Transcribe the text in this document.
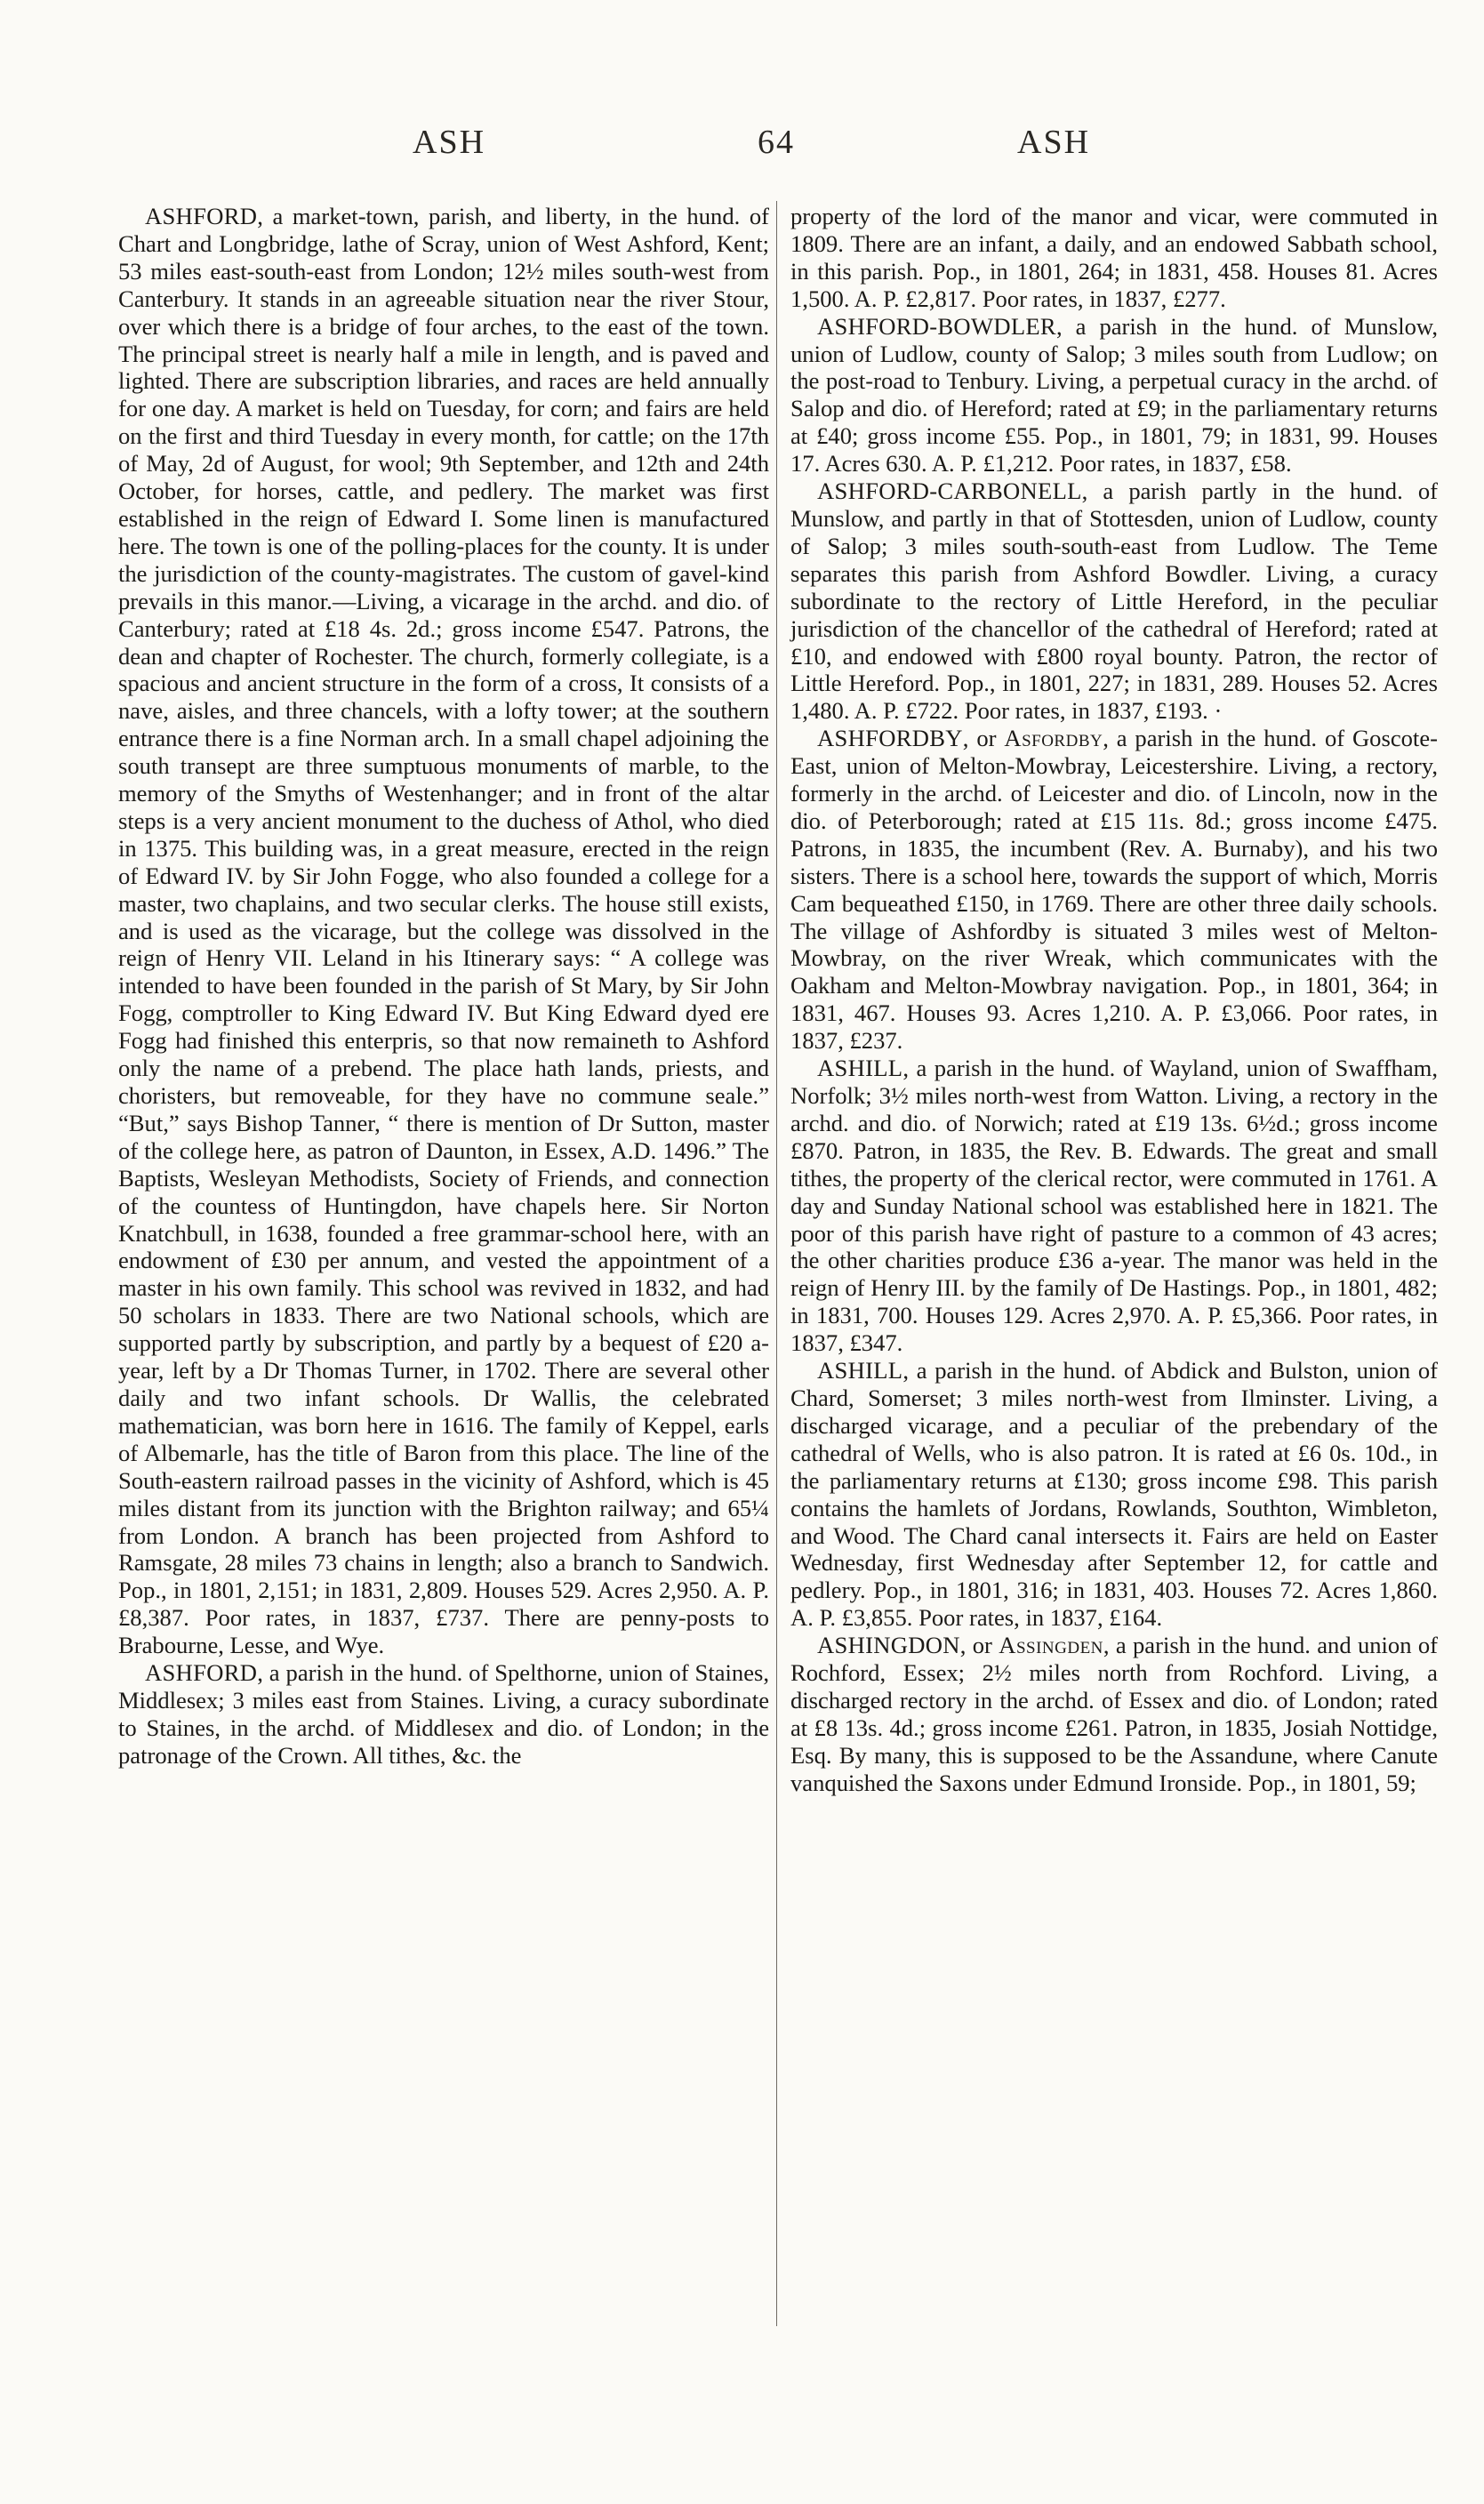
ASH	64	ASH

ASHFORD, a market-town, parish, and liberty, in the hund. of Chart and Longbridge, lathe of Scray, union of West Ashford, Kent; 53 miles east-south-east from London; 12½ miles south-west from Canterbury. It stands in an agreeable situation near the river Stour, over which there is a bridge of four arches, to the east of the town. The principal street is nearly half a mile in length, and is paved and lighted. There are subscription libraries, and races are held annually for one day. A market is held on Tuesday, for corn; and fairs are held on the first and third Tuesday in every month, for cattle; on the 17th of May, 2d of August, for wool; 9th September, and 12th and 24th October, for horses, cattle, and pedlery. The market was first established in the reign of Edward I. Some linen is manufactured here. The town is one of the polling-places for the county. It is under the jurisdiction of the county-magistrates. The custom of gavel-kind prevails in this manor.—Living, a vicarage in the archd. and dio. of Canterbury; rated at £18 4s. 2d.; gross income £547. Patrons, the dean and chapter of Rochester. The church, formerly collegiate, is a spacious and ancient structure in the form of a cross, It consists of a nave, aisles, and three chancels, with a lofty tower; at the southern entrance there is a fine Norman arch. In a small chapel adjoining the south transept are three sumptuous monuments of marble, to the memory of the Smyths of Westenhanger; and in front of the altar steps is a very ancient monument to the duchess of Athol, who died in 1375. This building was, in a great measure, erected in the reign of Edward IV. by Sir John Fogge, who also founded a college for a master, two chaplains, and two secular clerks. The house still exists, and is used as the vicarage, but the college was dissolved in the reign of Henry VII. Leland in his Itinerary says: “ A college was intended to have been founded in the parish of St Mary, by Sir John Fogg, comptroller to King Edward IV. But King Edward dyed ere Fogg had finished this enterpris, so that now remaineth to Ashford only the name of a prebend. The place hath lands, priests, and choristers, but removeable, for they have no commune seale.” “But,” says Bishop Tanner, “ there is mention of Dr Sutton, master of the college here, as patron of Daunton, in Essex, A.D. 1496.” The Baptists, Wesleyan Methodists, Society of Friends, and connection of the countess of Huntingdon, have chapels here. Sir Norton Knatchbull, in 1638, founded a free grammar-school here, with an endowment of £30 per annum, and vested the appointment of a master in his own family. This school was revived in 1832, and had 50 scholars in 1833. There are two National schools, which are supported partly by subscription, and partly by a bequest of £20 a-year, left by a Dr Thomas Turner, in 1702. There are several other daily and two infant schools. Dr Wallis, the celebrated mathematician, was born here in 1616. The family of Keppel, earls of Albemarle, has the title of Baron from this place. The line of the South-eastern railroad passes in the vicinity of Ashford, which is 45 miles distant from its junction with the Brighton railway; and 65¼ from London. A branch has been projected from Ashford to Ramsgate, 28 miles 73 chains in length; also a branch to Sandwich. Pop., in 1801, 2,151; in 1831, 2,809. Houses 529. Acres 2,950. A. P. £8,387. Poor rates, in 1837, £737. There are penny-posts to Brabourne, Lesse, and Wye.

ASHFORD, a parish in the hund. of Spelthorne, union of Staines, Middlesex; 3 miles east from Staines. Living, a curacy subordinate to Staines, in the archd. of Middlesex and dio. of London; in the patronage of the Crown. All tithes, &c. the

property of the lord of the manor and vicar, were commuted in 1809. There are an infant, a daily, and an endowed Sabbath school, in this parish. Pop., in 1801, 264; in 1831, 458. Houses 81. Acres 1,500. A. P. £2,817. Poor rates, in 1837, £277.

ASHFORD-BOWDLER, a parish in the hund. of Munslow, union of Ludlow, county of Salop; 3 miles south from Ludlow; on the post-road to Tenbury. Living, a perpetual curacy in the archd. of Salop and dio. of Hereford; rated at £9; in the parliamentary returns at £40; gross income £55. Pop., in 1801, 79; in 1831, 99. Houses 17. Acres 630. A. P. £1,212. Poor rates, in 1837, £58.

ASHFORD-CARBONELL, a parish partly in the hund. of Munslow, and partly in that of Stottesden, union of Ludlow, county of Salop; 3 miles south-south-east from Ludlow. The Teme separates this parish from Ashford Bowdler. Living, a curacy subordinate to the rectory of Little Hereford, in the peculiar jurisdiction of the chancellor of the cathedral of Hereford; rated at £10, and endowed with £800 royal bounty. Patron, the rector of Little Hereford. Pop., in 1801, 227; in 1831, 289. Houses 52. Acres 1,480. A. P. £722. Poor rates, in 1837, £193. ·

ASHFORDBY, or Asfordby, a parish in the hund. of Goscote-East, union of Melton-Mowbray, Leicestershire. Living, a rectory, formerly in the archd. of Leicester and dio. of Lincoln, now in the dio. of Peterborough; rated at £15 11s. 8d.; gross income £475. Patrons, in 1835, the incumbent (Rev. A. Burnaby), and his two sisters. There is a school here, towards the support of which, Morris Cam bequeathed £150, in 1769. There are other three daily schools. The village of Ashfordby is situated 3 miles west of Melton-Mowbray, on the river Wreak, which communicates with the Oakham and Melton-Mowbray navigation. Pop., in 1801, 364; in 1831, 467. Houses 93. Acres 1,210. A. P. £3,066. Poor rates, in 1837, £237.

ASHILL, a parish in the hund. of Wayland, union of Swaffham, Norfolk; 3½ miles north-west from Watton. Living, a rectory in the archd. and dio. of Norwich; rated at £19 13s. 6½d.; gross income £870. Patron, in 1835, the Rev. B. Edwards. The great and small tithes, the property of the clerical rector, were commuted in 1761. A day and Sunday National school was established here in 1821. The poor of this parish have right of pasture to a common of 43 acres; the other charities produce £36 a-year. The manor was held in the reign of Henry III. by the family of De Hastings. Pop., in 1801, 482; in 1831, 700. Houses 129. Acres 2,970. A. P. £5,366. Poor rates, in 1837, £347.

ASHILL, a parish in the hund. of Abdick and Bulston, union of Chard, Somerset; 3 miles north-west from Ilminster. Living, a discharged vicarage, and a peculiar of the prebendary of the cathedral of Wells, who is also patron. It is rated at £6 0s. 10d., in the parliamentary returns at £130; gross income £98. This parish contains the hamlets of Jordans, Rowlands, Southton, Wimbleton, and Wood. The Chard canal intersects it. Fairs are held on Easter Wednesday, first Wednesday after September 12, for cattle and pedlery. Pop., in 1801, 316; in 1831, 403. Houses 72. Acres 1,860. A. P. £3,855. Poor rates, in 1837, £164.

ASHINGDON, or Assingden, a parish in the hund. and union of Rochford, Essex; 2½ miles north from Rochford. Living, a discharged rectory in the archd. of Essex and dio. of London; rated at £8 13s. 4d.; gross income £261. Patron, in 1835, Josiah Nottidge, Esq. By many, this is supposed to be the Assandune, where Canute vanquished the Saxons under Edmund Ironside. Pop., in 1801, 59;
